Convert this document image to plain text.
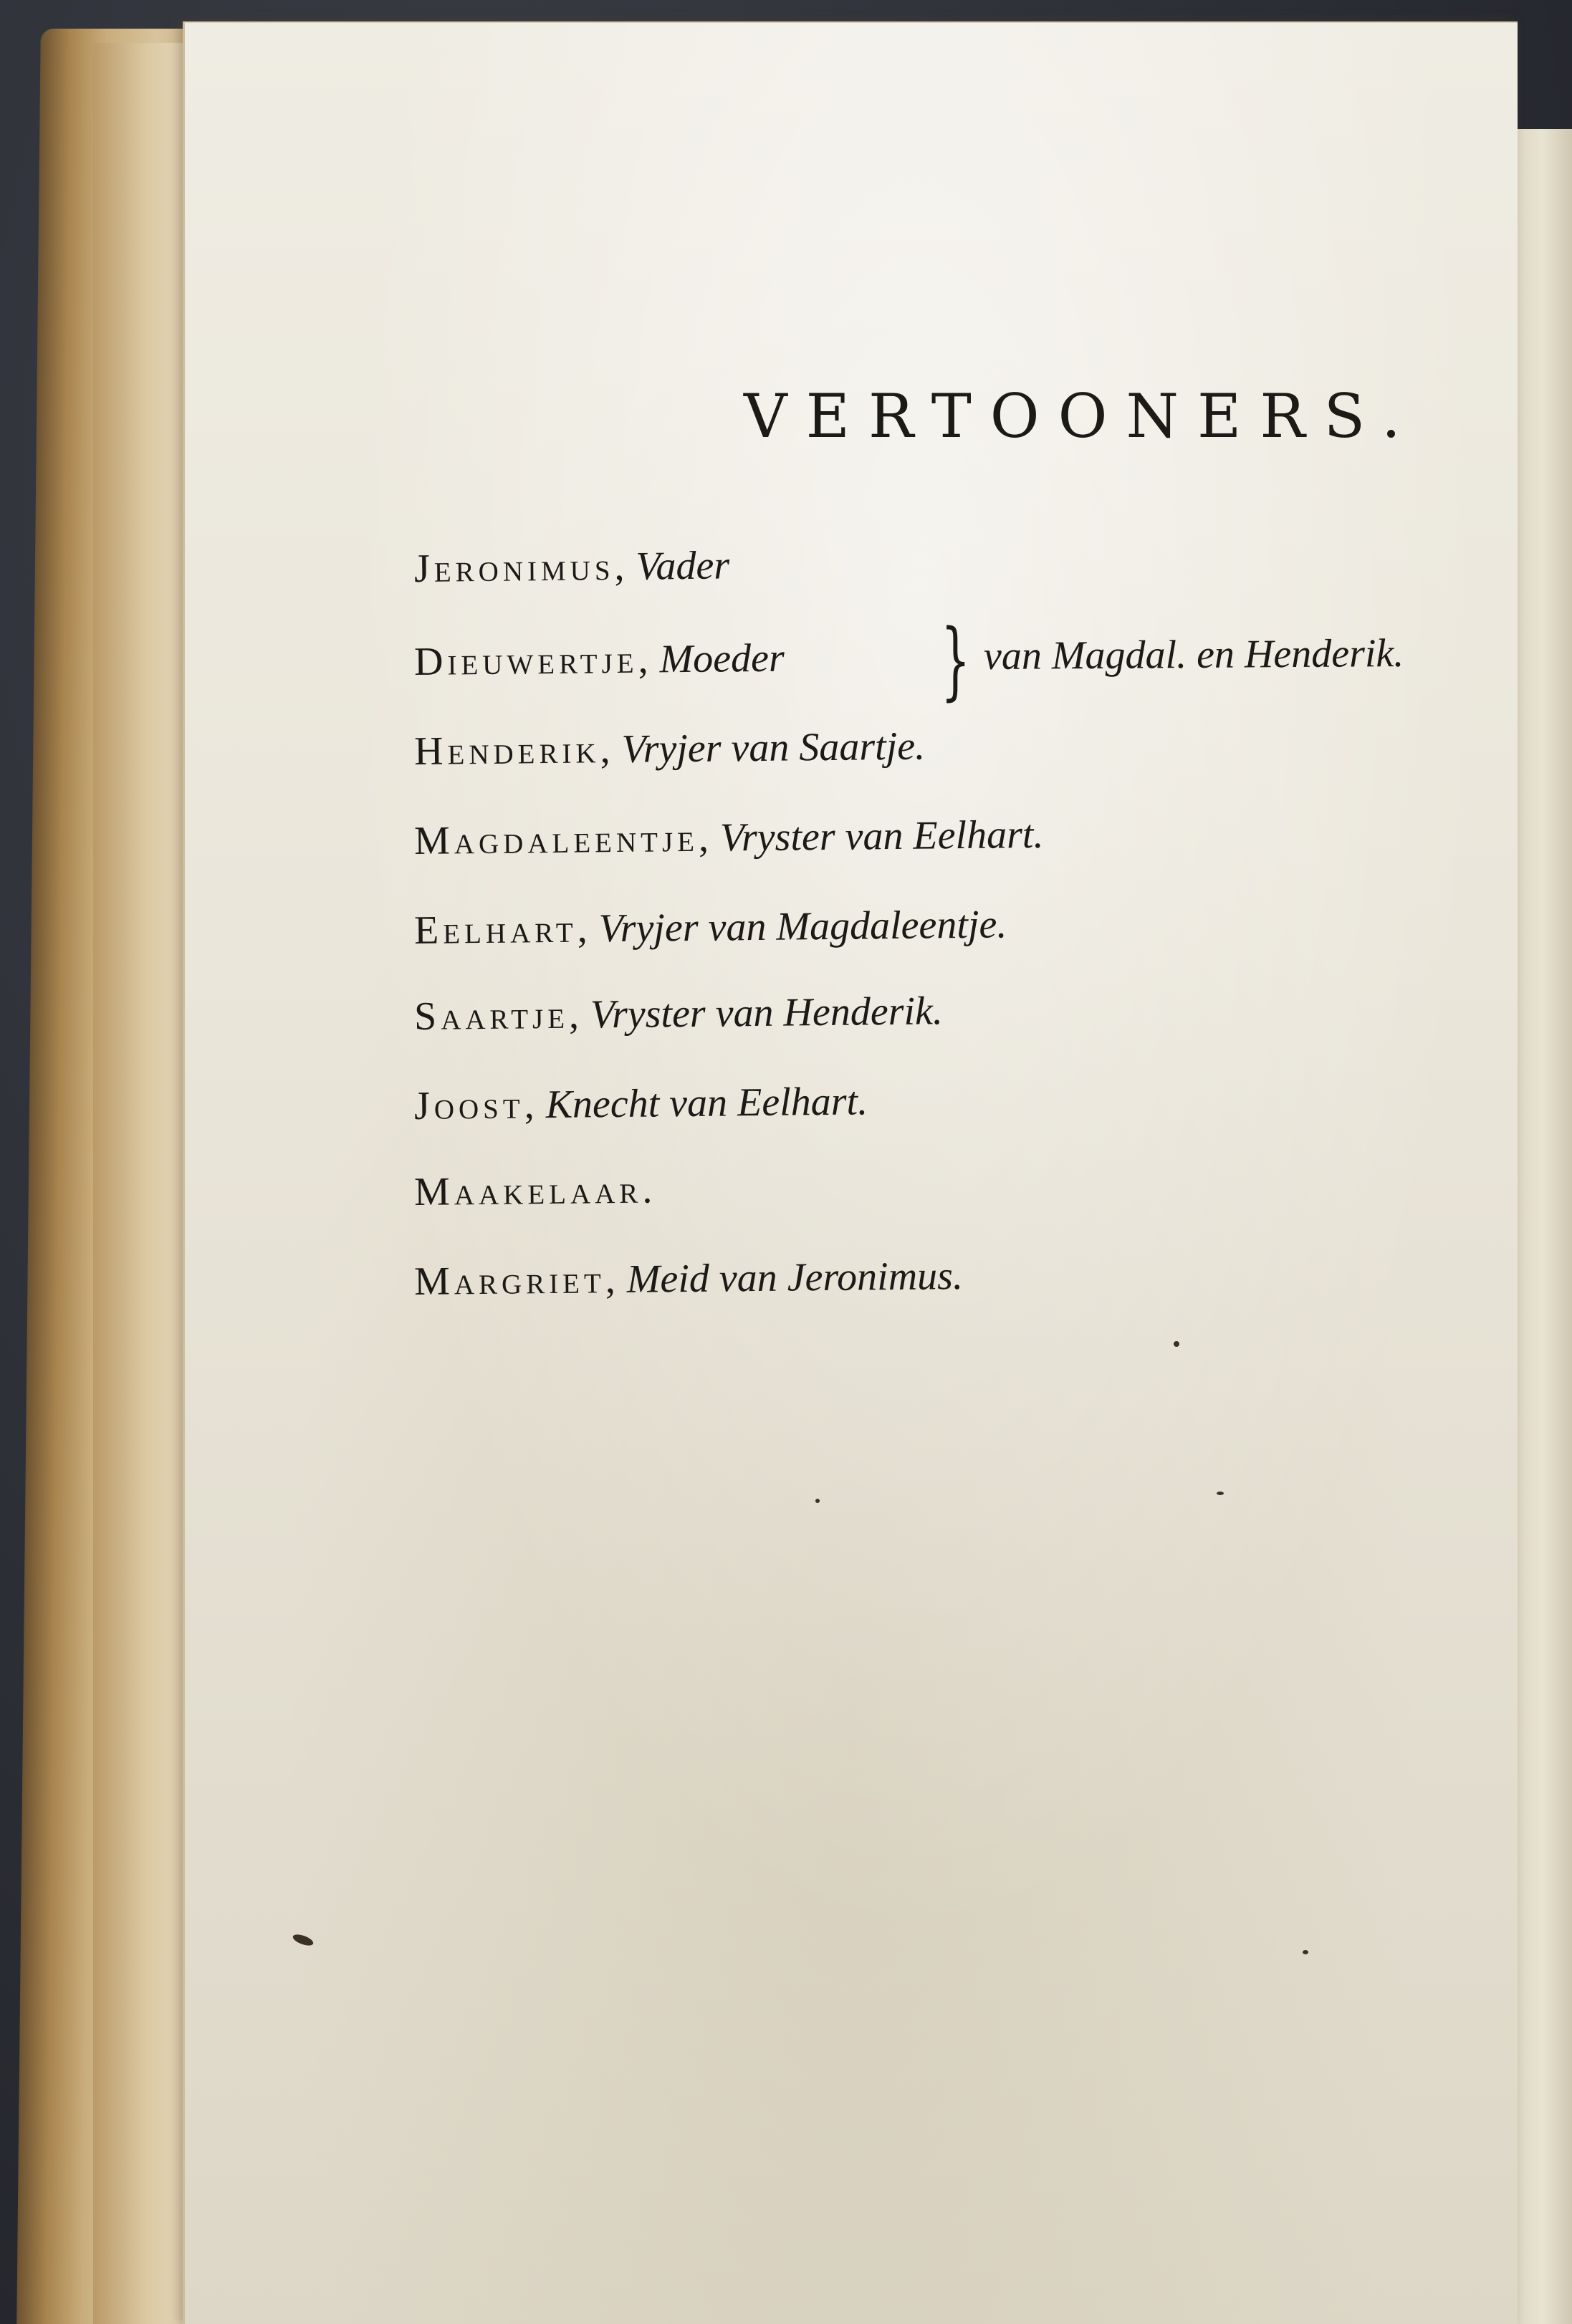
VERTOONERS.
Jeronimus, Vader
Dieuwertje, Moeder } van Magdal. en Henderik.
Henderik, Vryjer van Saartje.
Magdaleentje, Vryster van Eelhart.
Eelhart, Vryjer van Magdaleentje.
Saartje, Vryster van Henderik.
Joost, Knecht van Eelhart.
Maakelaar.
Margriet, Meid van Jeronimus.
